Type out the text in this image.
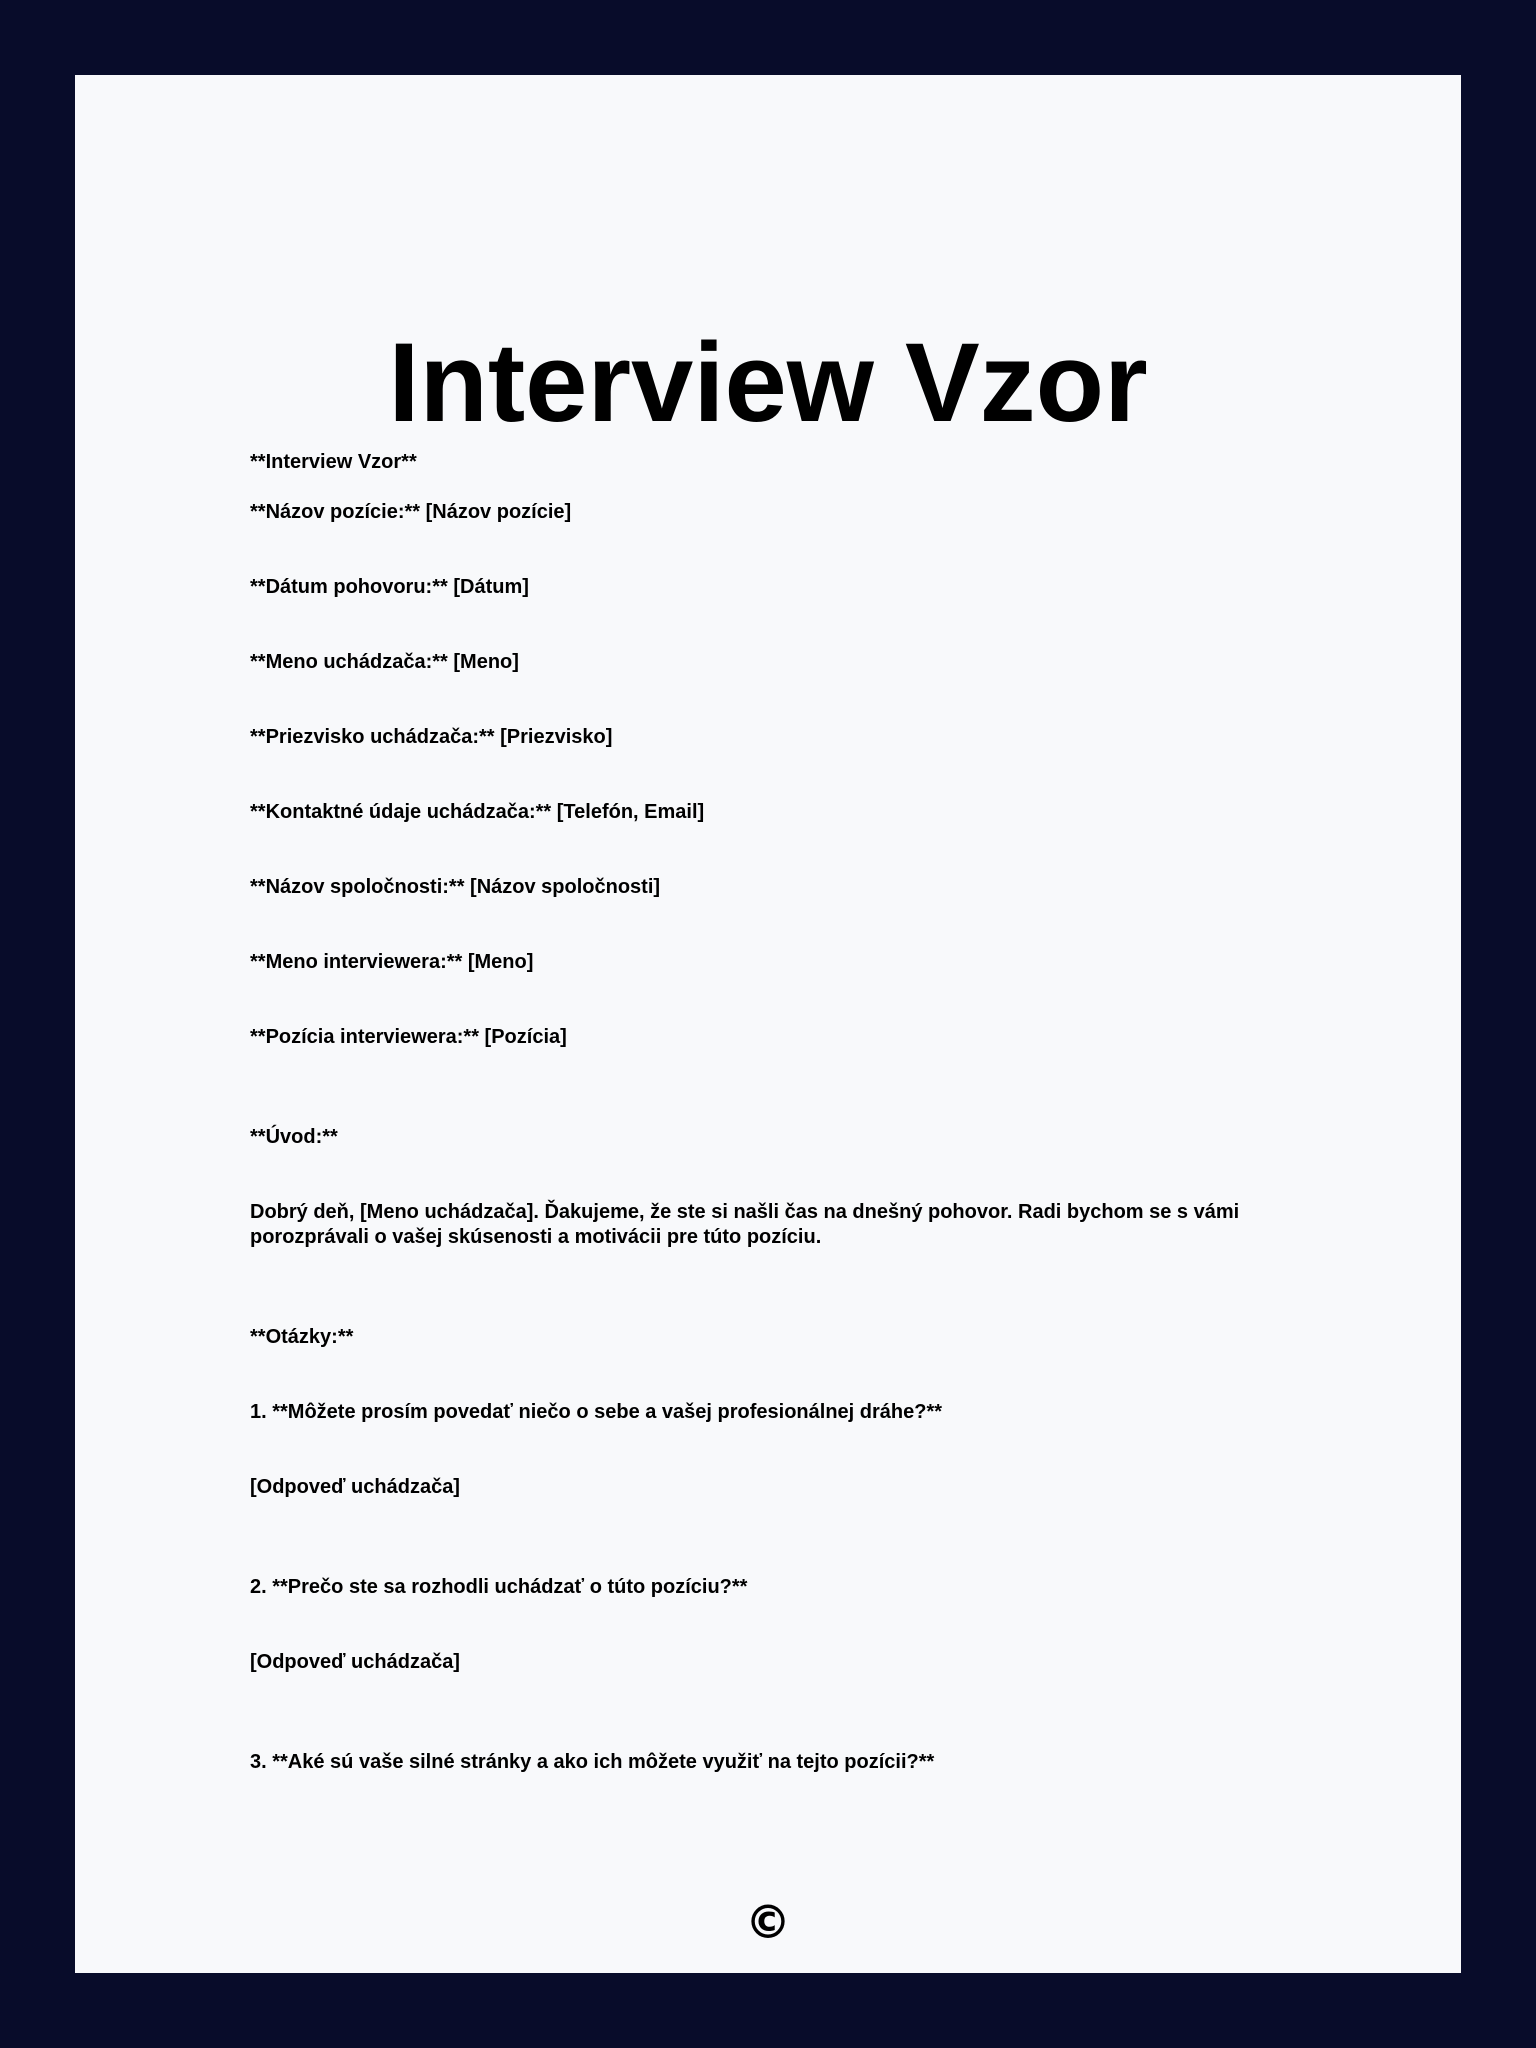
Interview Vzor

**Interview Vzor**

**Názov pozície:** [Názov pozície]

**Dátum pohovoru:** [Dátum]

**Meno uchádzača:** [Meno]

**Priezvisko uchádzača:** [Priezvisko]

**Kontaktné údaje uchádzača:** [Telefón, Email]

**Názov spoločnosti:** [Názov spoločnosti]

**Meno interviewera:** [Meno]

**Pozícia interviewera:** [Pozícia]

**Úvod:**

Dobrý deň, [Meno uchádzača]. Ďakujeme, že ste si našli čas na dnešný pohovor. Radi bychom se s vámi porozprávali o vašej skúsenosti a motivácii pre túto pozíciu.

**Otázky:**

1. **Môžete prosím povedať niečo o sebe a vašej profesionálnej dráhe?**

[Odpoveď uchádzača]

2. **Prečo ste sa rozhodli uchádzať o túto pozíciu?**

[Odpoveď uchádzača]

3. **Aké sú vaše silné stránky a ako ich môžete využiť na tejto pozícii?**

©
